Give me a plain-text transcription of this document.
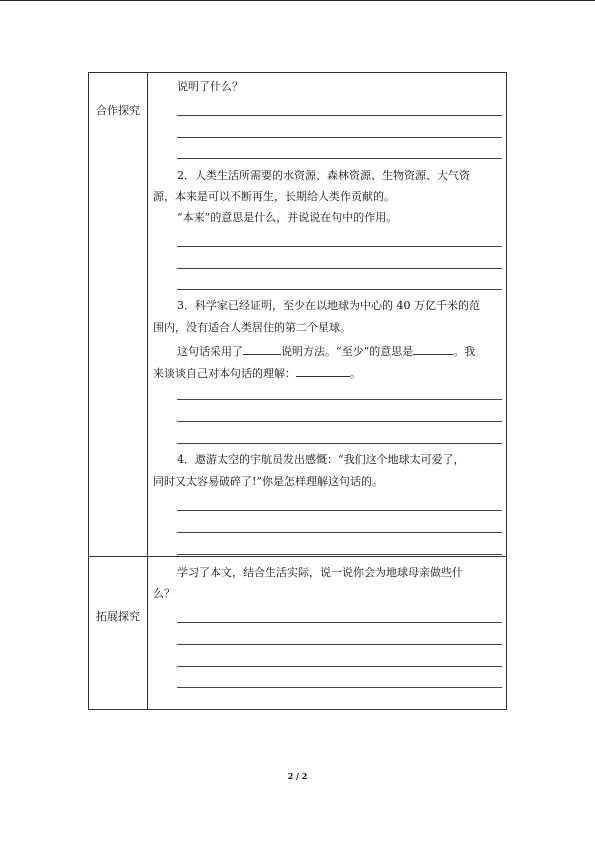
合作探究
说明了什么？
2．人类生活所需要的水资源、森林资源、生物资源、大气资
源，本来是可以不断再生，长期给人类作贡献的。
“本来”的意思是什么，并说说在句中的作用。
3．科学家已经证明，至少在以地球为中心的 40 万亿千米的范
围内，没有适合人类居住的第二个星球。
这句话采用了	说明方法。“至少”的意思是	。我
来谈谈自己对本句话的理解：	。
4．遨游太空的宇航员发出感慨：“我们这个地球太可爱了，
同时又太容易破碎了!”你是怎样理解这句话的。
拓展探究
学习了本文，结合生活实际，说一说你会为地球母亲做些什
么？
2 / 2
